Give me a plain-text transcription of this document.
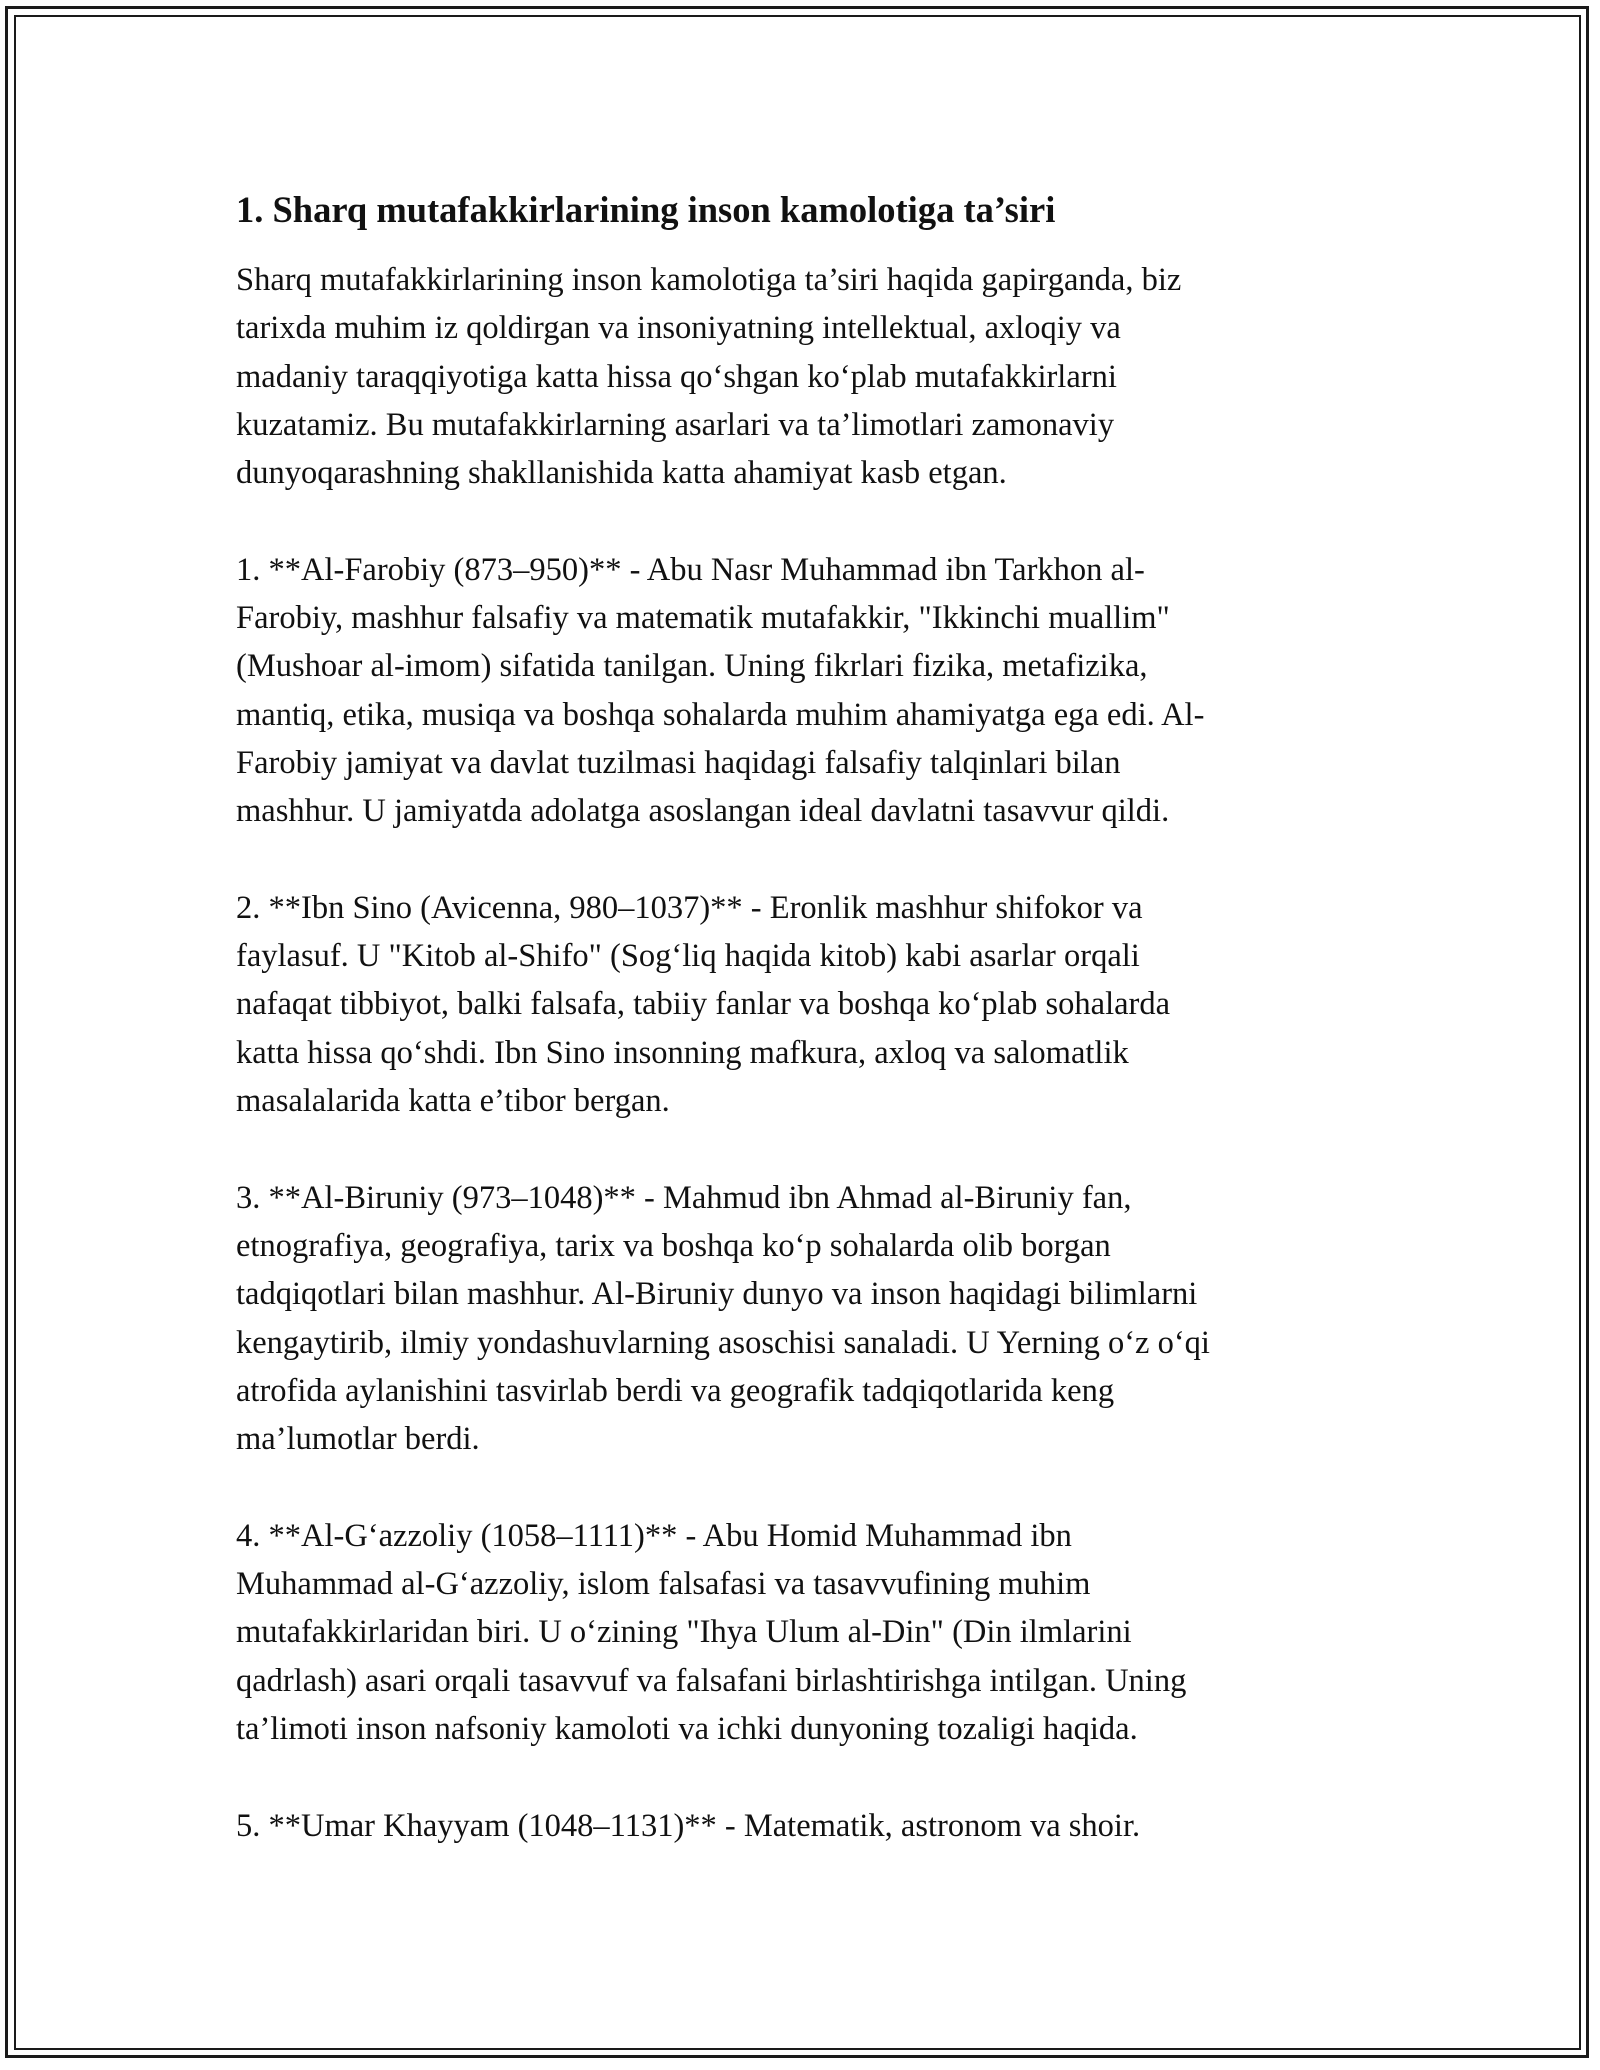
1. Sharq mutafakkirlarining inson kamolotiga ta’siri
Sharq mutafakkirlarining inson kamolotiga ta’siri haqida gapirganda, biz
tarixda muhim iz qoldirgan va insoniyatning intellektual, axloqiy va
madaniy taraqqiyotiga katta hissa qo‘shgan ko‘plab mutafakkirlarni
kuzatamiz. Bu mutafakkirlarning asarlari va ta’limotlari zamonaviy
dunyoqarashning shakllanishida katta ahamiyat kasb etgan.
1. **Al-Farobiy (873–950)** - Abu Nasr Muhammad ibn Tarkhon al-
Farobiy, mashhur falsafiy va matematik mutafakkir, "Ikkinchi muallim"
(Mushoar al-imom) sifatida tanilgan. Uning fikrlari fizika, metafizika,
mantiq, etika, musiqa va boshqa sohalarda muhim ahamiyatga ega edi. Al-
Farobiy jamiyat va davlat tuzilmasi haqidagi falsafiy talqinlari bilan
mashhur. U jamiyatda adolatga asoslangan ideal davlatni tasavvur qildi.
2. **Ibn Sino (Avicenna, 980–1037)** - Eronlik mashhur shifokor va
faylasuf. U "Kitob al-Shifo" (Sog‘liq haqida kitob) kabi asarlar orqali
nafaqat tibbiyot, balki falsafa, tabiiy fanlar va boshqa ko‘plab sohalarda
katta hissa qo‘shdi. Ibn Sino insonning mafkura, axloq va salomatlik
masalalarida katta e’tibor bergan.
3. **Al-Biruniy (973–1048)** - Mahmud ibn Ahmad al-Biruniy fan,
etnografiya, geografiya, tarix va boshqa ko‘p sohalarda olib borgan
tadqiqotlari bilan mashhur. Al-Biruniy dunyo va inson haqidagi bilimlarni
kengaytirib, ilmiy yondashuvlarning asoschisi sanaladi. U Yerning o‘z o‘qi
atrofida aylanishini tasvirlab berdi va geografik tadqiqotlarida keng
ma’lumotlar berdi.
4. **Al-G‘azzoliy (1058–1111)** - Abu Homid Muhammad ibn
Muhammad al-G‘azzoliy, islom falsafasi va tasavvufining muhim
mutafakkirlaridan biri. U o‘zining "Ihya Ulum al-Din" (Din ilmlarini
qadrlash) asari orqali tasavvuf va falsafani birlashtirishga intilgan. Uning
ta’limoti inson nafsoniy kamoloti va ichki dunyoning tozaligi haqida.
5. **Umar Khayyam (1048–1131)** - Matematik, astronom va shoir.
